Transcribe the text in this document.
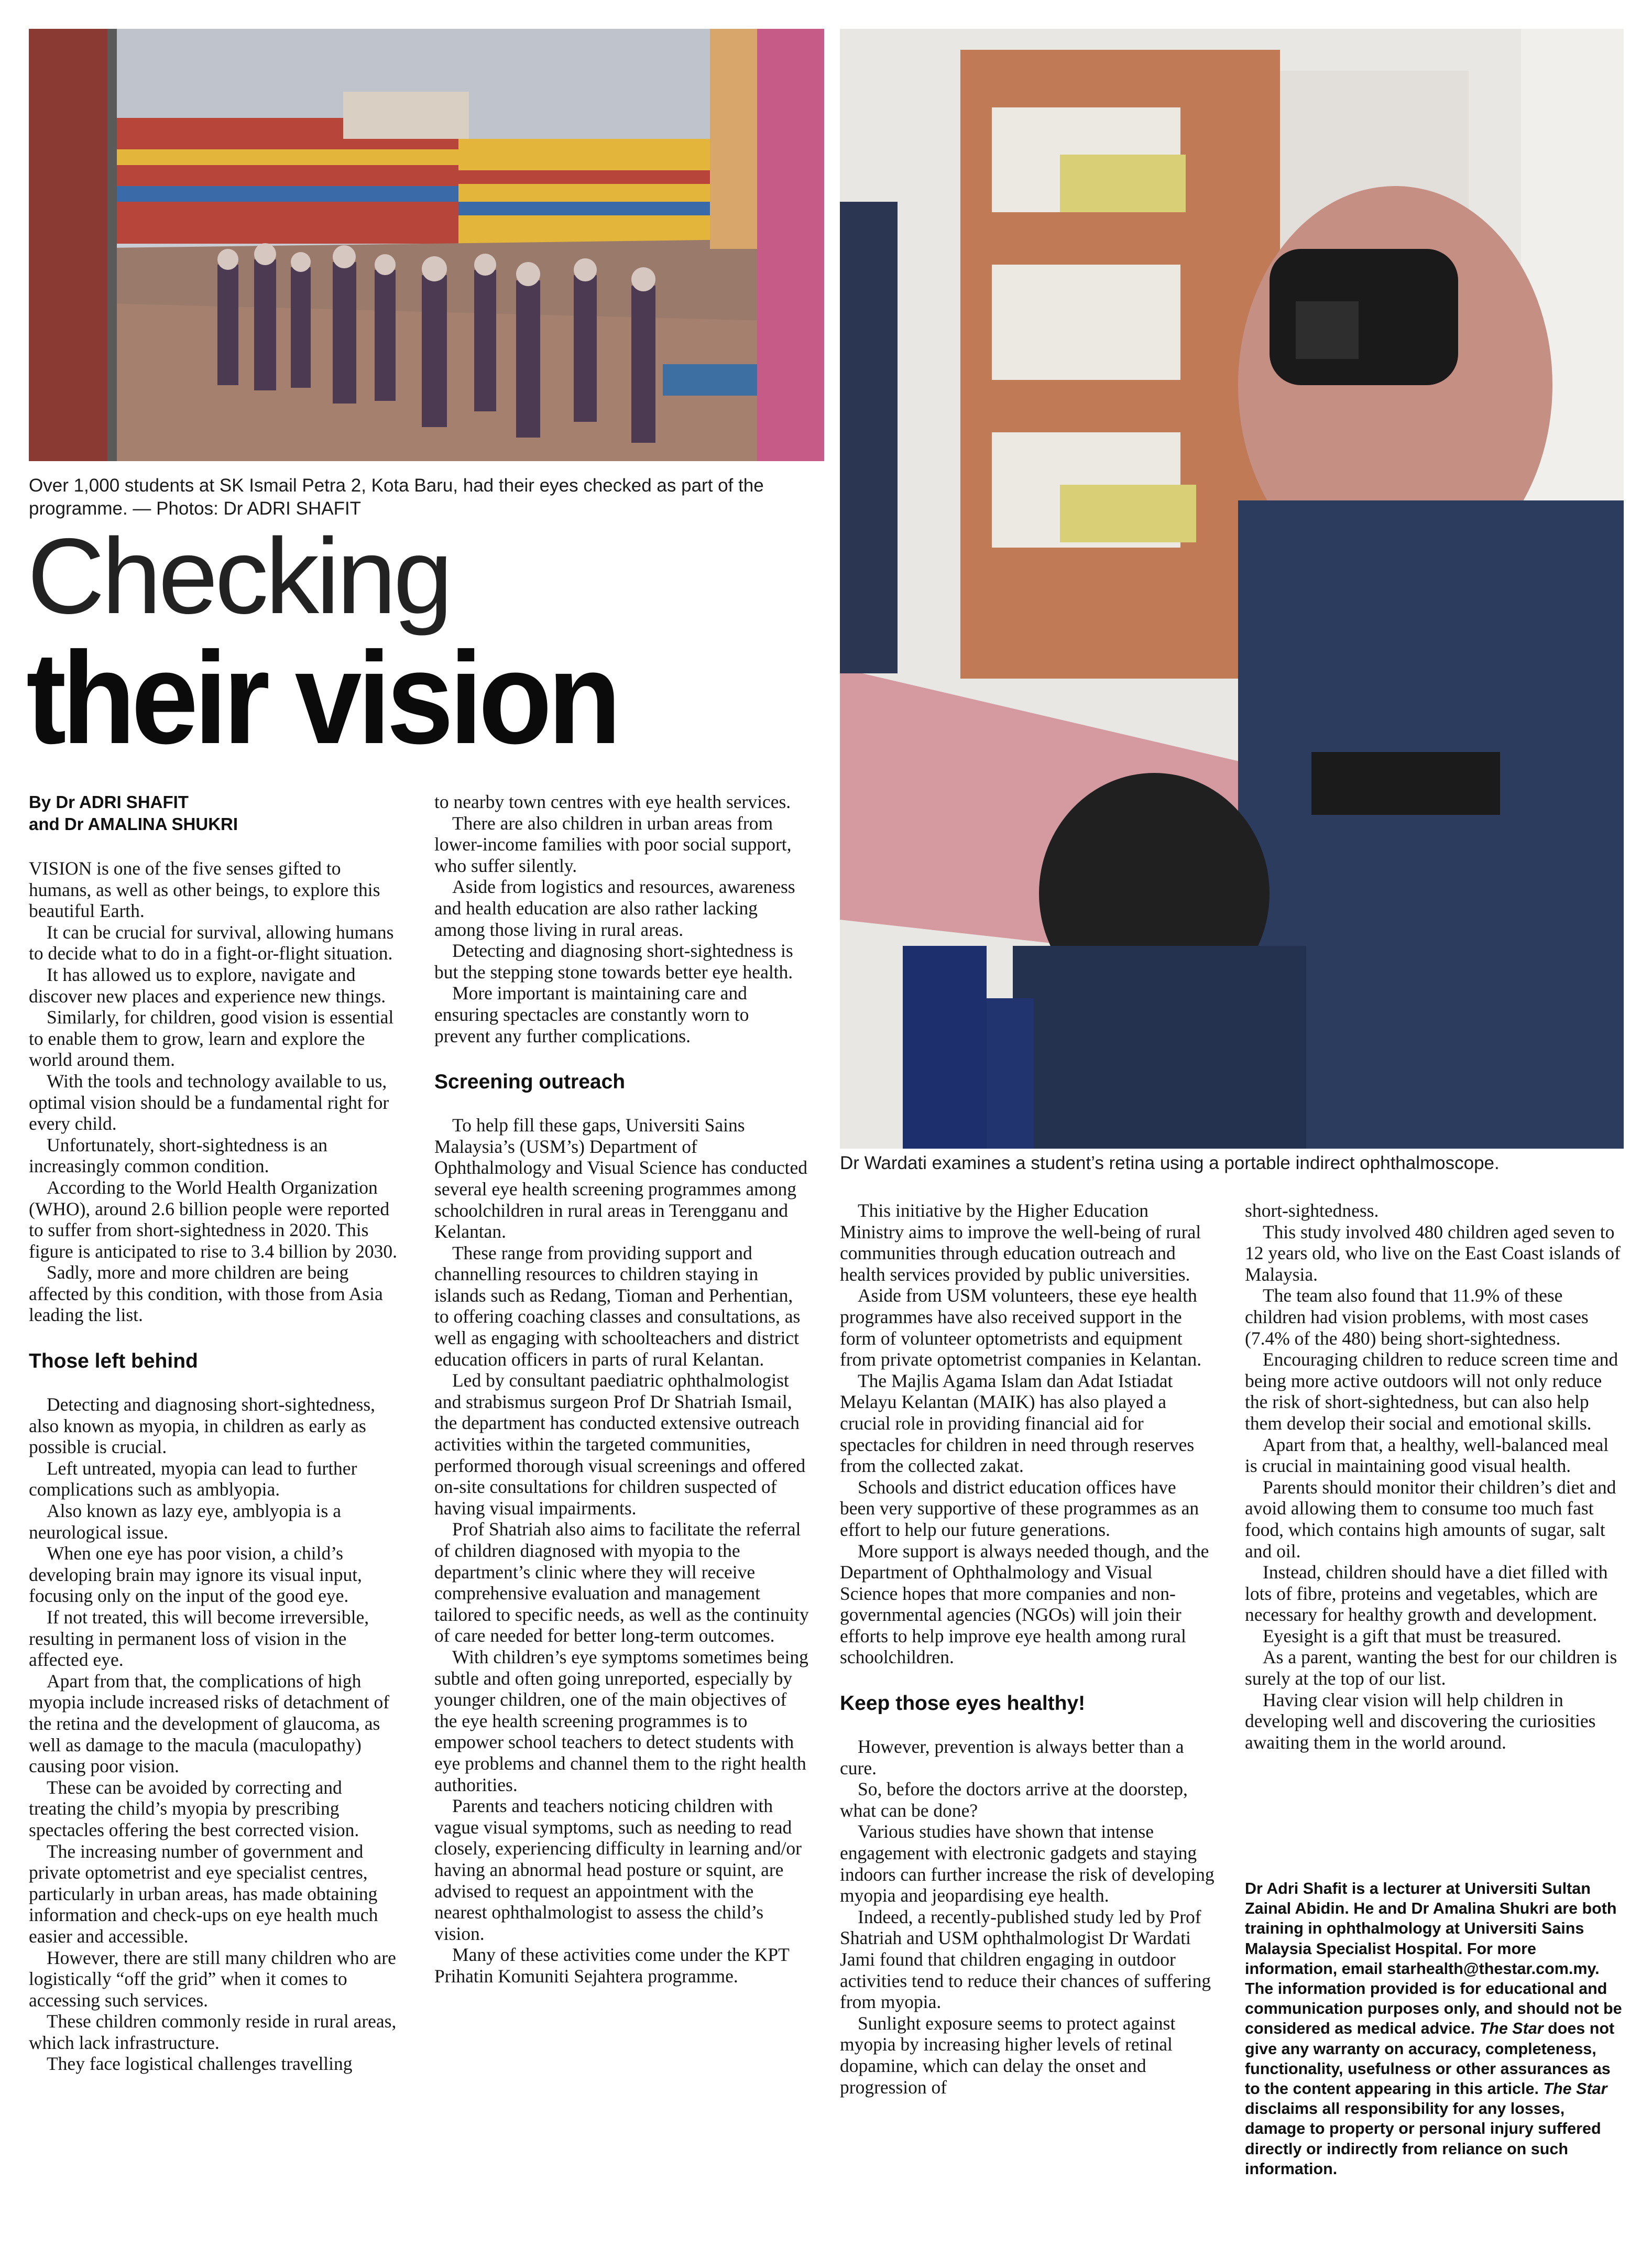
Over 1,000 students at SK Ismail Petra 2, Kota Baru, had their eyes checked as part of the programme. — Photos: Dr ADRI SHAFIT
Dr Wardati examines a student’s retina using a portable indirect ophthalmoscope.
Checking
their vision
By Dr ADRI SHAFIT
and Dr AMALINA SHUKRI

VISION is one of the five senses gifted to humans, as well as other beings, to explore this beautiful Earth.

It can be crucial for survival, allowing humans to decide what to do in a fight-or-flight situation.

It has allowed us to explore, navigate and discover new places and experience new things.

Similarly, for children, good vision is essential to enable them to grow, learn and explore the world around them.

With the tools and technology available to us, optimal vision should be a fundamental right for every child.

Unfortunately, short-sightedness is an increasingly common condition.

According to the World Health Organization (WHO), around 2.6 billion people were reported to suffer from short-sightedness in 2020. This figure is anticipated to rise to 3.4 billion by 2030.

Sadly, more and more children are being affected by this condition, with those from Asia leading the list.

Those left behind

Detecting and diagnosing short-sightedness, also known as myopia, in children as early as possible is crucial.

Left untreated, myopia can lead to further complications such as amblyopia.

Also known as lazy eye, amblyopia is a neurological issue.

When one eye has poor vision, a child’s developing brain may ignore its visual input, focusing only on the input of the good eye.

If not treated, this will become irreversible, resulting in permanent loss of vision in the affected eye.

Apart from that, the complications of high myopia include increased risks of detachment of the retina and the development of glaucoma, as well as damage to the macula (maculopathy) causing poor vision.

These can be avoided by correcting and treating the child’s myopia by prescribing spectacles offering the best corrected vision.

The increasing number of government and private optometrist and eye specialist centres, particularly in urban areas, has made obtaining information and check-ups on eye health much easier and accessible.

However, there are still many children who are logistically “off the grid” when it comes to accessing such services.

These children commonly reside in rural areas, which lack infrastructure.

They face logistical challenges travelling

to nearby town centres with eye health services.

There are also children in urban areas from lower-income families with poor social support, who suffer silently.

Aside from logistics and resources, awareness and health education are also rather lacking among those living in rural areas.

Detecting and diagnosing short-sightedness is but the stepping stone towards better eye health.

More important is maintaining care and ensuring spectacles are constantly worn to prevent any further complications.

Screening outreach

To help fill these gaps, Universiti Sains Malaysia’s (USM’s) Department of Ophthalmology and Visual Science has conducted several eye health screening programmes among schoolchildren in rural areas in Terengganu and Kelantan.

These range from providing support and channelling resources to children staying in islands such as Redang, Tioman and Perhentian, to offering coaching classes and consultations, as well as engaging with schoolteachers and district education officers in parts of rural Kelantan.

Led by consultant paediatric ophthalmologist and strabismus surgeon Prof Dr Shatriah Ismail, the department has conducted extensive outreach activities within the targeted communities, performed thorough visual screenings and offered on-site consultations for children suspected of having visual impairments.

Prof Shatriah also aims to facilitate the referral of children diagnosed with myopia to the department’s clinic where they will receive comprehensive evaluation and management tailored to specific needs, as well as the continuity of care needed for better long-term outcomes.

With children’s eye symptoms sometimes being subtle and often going unreported, especially by younger children, one of the main objectives of the eye health screening programmes is to empower school teachers to detect students with eye problems and channel them to the right health authorities.

Parents and teachers noticing children with vague visual symptoms, such as needing to read closely, experiencing difficulty in learning and/or having an abnormal head posture or squint, are advised to request an appointment with the nearest ophthalmologist to assess the child’s vision.

Many of these activities come under the KPT Prihatin Komuniti Sejahtera programme.

This initiative by the Higher Education Ministry aims to improve the well-being of rural communities through education outreach and health services provided by public universities.

Aside from USM volunteers, these eye health programmes have also received support in the form of volunteer optometrists and equipment from private optometrist companies in Kelantan.

The Majlis Agama Islam dan Adat Istiadat Melayu Kelantan (MAIK) has also played a crucial role in providing financial aid for spectacles for children in need through reserves from the collected zakat.

Schools and district education offices have been very supportive of these programmes as an effort to help our future generations.

More support is always needed though, and the Department of Ophthalmology and Visual Science hopes that more companies and non-governmental agencies (NGOs) will join their efforts to help improve eye health among rural schoolchildren.

Keep those eyes healthy!

However, prevention is always better than a cure.

So, before the doctors arrive at the doorstep, what can be done?

Various studies have shown that intense engagement with electronic gadgets and staying indoors can further increase the risk of developing myopia and jeopardising eye health.

Indeed, a recently-published study led by Prof Shatriah and USM ophthalmologist Dr Wardati Jami found that children engaging in outdoor activities tend to reduce their chances of suffering from myopia.

Sunlight exposure seems to protect against myopia by increasing higher levels of retinal dopamine, which can delay the onset and progression of

short-sightedness.

This study involved 480 children aged seven to 12 years old, who live on the East Coast islands of Malaysia.

The team also found that 11.9% of these children had vision problems, with most cases (7.4% of the 480) being short-sightedness.

Encouraging children to reduce screen time and being more active outdoors will not only reduce the risk of short-sightedness, but can also help them develop their social and emotional skills.

Apart from that, a healthy, well-balanced meal is crucial in maintaining good visual health.

Parents should monitor their children’s diet and avoid allowing them to consume too much fast food, which contains high amounts of sugar, salt and oil.

Instead, children should have a diet filled with lots of fibre, proteins and vegetables, which are necessary for healthy growth and development.

Eyesight is a gift that must be treasured.

As a parent, wanting the best for our children is surely at the top of our list.

Having clear vision will help children in developing well and discovering the curiosities awaiting them in the world around.

Dr Adri Shafit is a lecturer at Universiti Sultan Zainal Abidin. He and Dr Amalina Shukri are both training in ophthalmology at Universiti Sains Malaysia Specialist Hospital. For more information, email starhealth@thestar.com.my. The information provided is for educational and communication purposes only, and should not be considered as medical advice. The Star does not give any warranty on accuracy, completeness, functionality, usefulness or other assurances as to the content appearing in this article. The Star disclaims all responsibility for any losses, damage to property or personal injury suffered directly or indirectly from reliance on such information.
